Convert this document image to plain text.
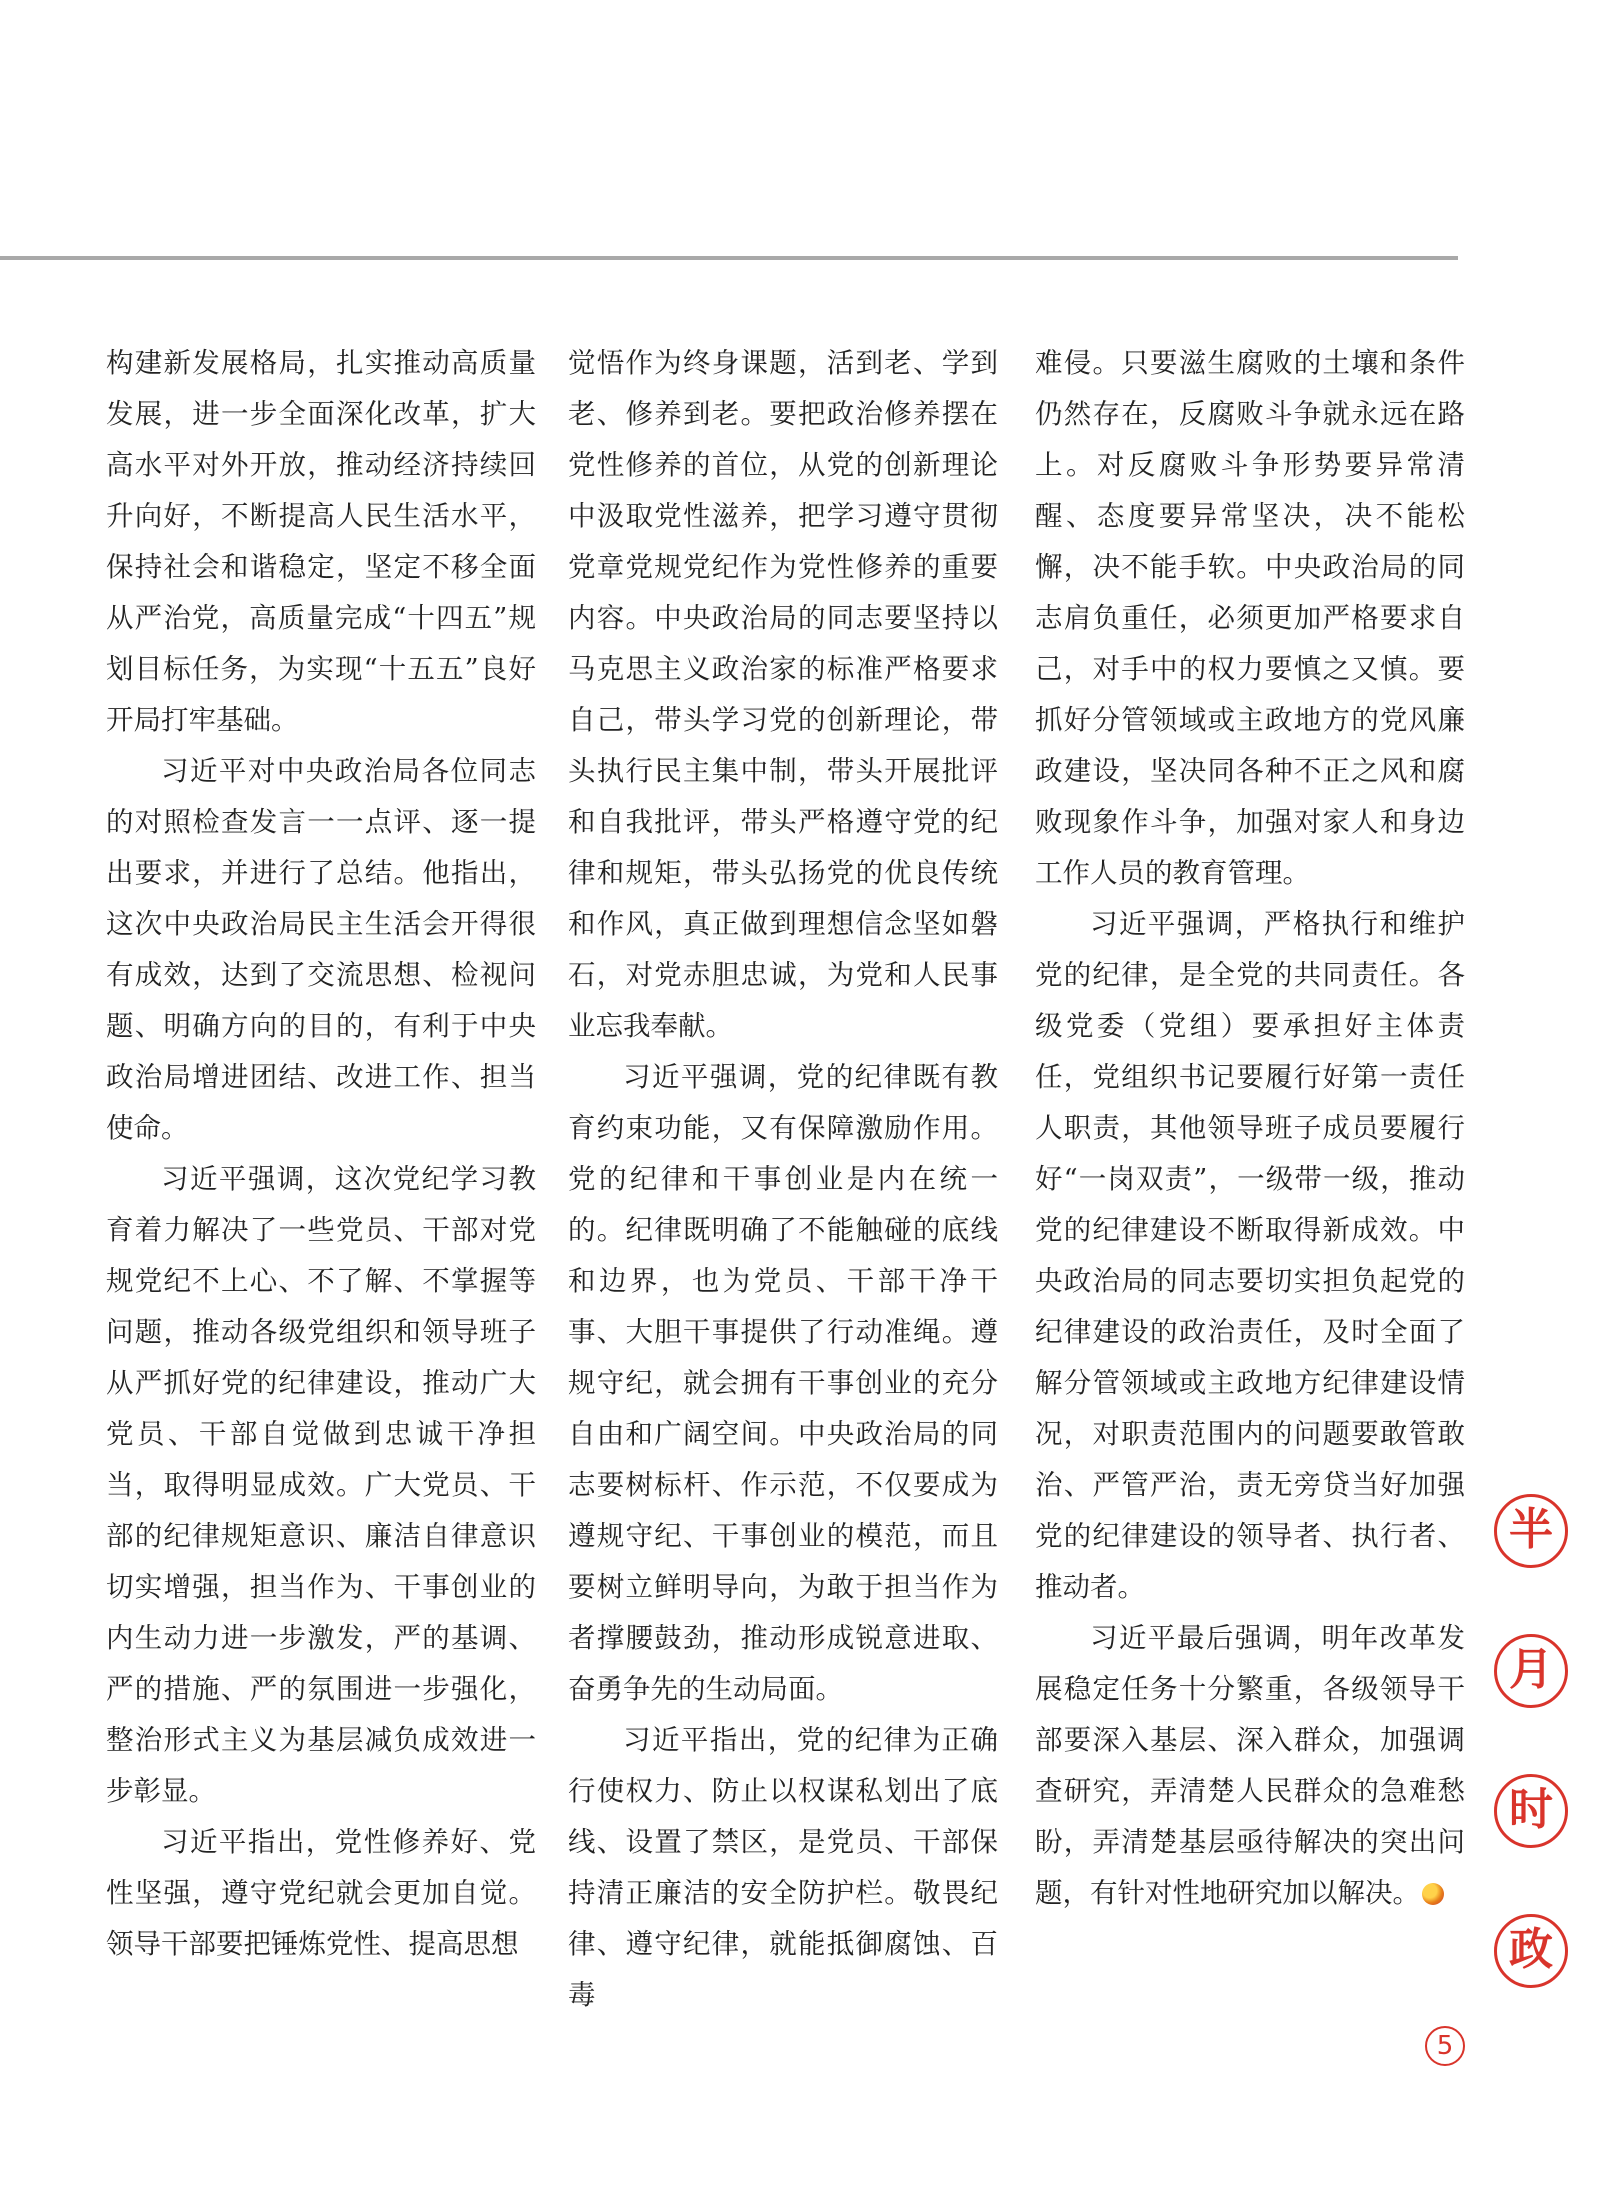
构建新发展格局，扎实推动高质量发展，进一步全面深化改革，扩大高水平对外开放，推动经济持续回升向好，不断提高人民生活水平，保持社会和谐稳定，坚定不移全面从严治党，高质量完成“十四五”规划目标任务，为实现“十五五”良好开局打牢基础。

习近平对中央政治局各位同志的对照检查发言一一点评、逐一提出要求，并进行了总结。他指出，这次中央政治局民主生活会开得很有成效，达到了交流思想、检视问题、明确方向的目的，有利于中央政治局增进团结、改进工作、担当使命。

习近平强调，这次党纪学习教育着力解决了一些党员、干部对党规党纪不上心、不了解、不掌握等问题，推动各级党组织和领导班子从严抓好党的纪律建设，推动广大党员、干部自觉做到忠诚干净担当，取得明显成效。广大党员、干部的纪律规矩意识、廉洁自律意识切实增强，担当作为、干事创业的内生动力进一步激发，严的基调、严的措施、严的氛围进一步强化，整治形式主义为基层减负成效进一步彰显。

习近平指出，党性修养好、党性坚强，遵守党纪就会更加自觉。领导干部要把锤炼党性、提高思想

觉悟作为终身课题，活到老、学到老、修养到老。要把政治修养摆在党性修养的首位，从党的创新理论中汲取党性滋养，把学习遵守贯彻党章党规党纪作为党性修养的重要内容。中央政治局的同志要坚持以马克思主义政治家的标准严格要求自己，带头学习党的创新理论，带头执行民主集中制，带头开展批评和自我批评，带头严格遵守党的纪律和规矩，带头弘扬党的优良传统和作风，真正做到理想信念坚如磐石，对党赤胆忠诚，为党和人民事业忘我奉献。

习近平强调，党的纪律既有教育约束功能，又有保障激励作用。党的纪律和干事创业是内在统一的。纪律既明确了不能触碰的底线和边界，也为党员、干部干净干事、大胆干事提供了行动准绳。遵规守纪，就会拥有干事创业的充分自由和广阔空间。中央政治局的同志要树标杆、作示范，不仅要成为遵规守纪、干事创业的模范，而且要树立鲜明导向，为敢于担当作为者撑腰鼓劲，推动形成锐意进取、奋勇争先的生动局面。

习近平指出，党的纪律为正确行使权力、防止以权谋私划出了底线、设置了禁区，是党员、干部保持清正廉洁的安全防护栏。敬畏纪律、遵守纪律，就能抵御腐蚀、百毒

难侵。只要滋生腐败的土壤和条件仍然存在，反腐败斗争就永远在路上。对反腐败斗争形势要异常清醒、态度要异常坚决，决不能松懈，决不能手软。中央政治局的同志肩负重任，必须更加严格要求自己，对手中的权力要慎之又慎。要抓好分管领域或主政地方的党风廉政建设，坚决同各种不正之风和腐败现象作斗争，加强对家人和身边工作人员的教育管理。

习近平强调，严格执行和维护党的纪律，是全党的共同责任。各级党委（党组）要承担好主体责任，党组织书记要履行好第一责任人职责，其他领导班子成员要履行好“一岗双责”，一级带一级，推动党的纪律建设不断取得新成效。中央政治局的同志要切实担负起党的纪律建设的政治责任，及时全面了解分管领域或主政地方纪律建设情况，对职责范围内的问题要敢管敢治、严管严治，责无旁贷当好加强党的纪律建设的领导者、执行者、推动者。

习近平最后强调，明年改革发展稳定任务十分繁重，各级领导干部要深入基层、深入群众，加强调查研究，弄清楚人民群众的急难愁盼，弄清楚基层亟待解决的突出问题，有针对性地研究加以解决。

半
月
时
政
5
